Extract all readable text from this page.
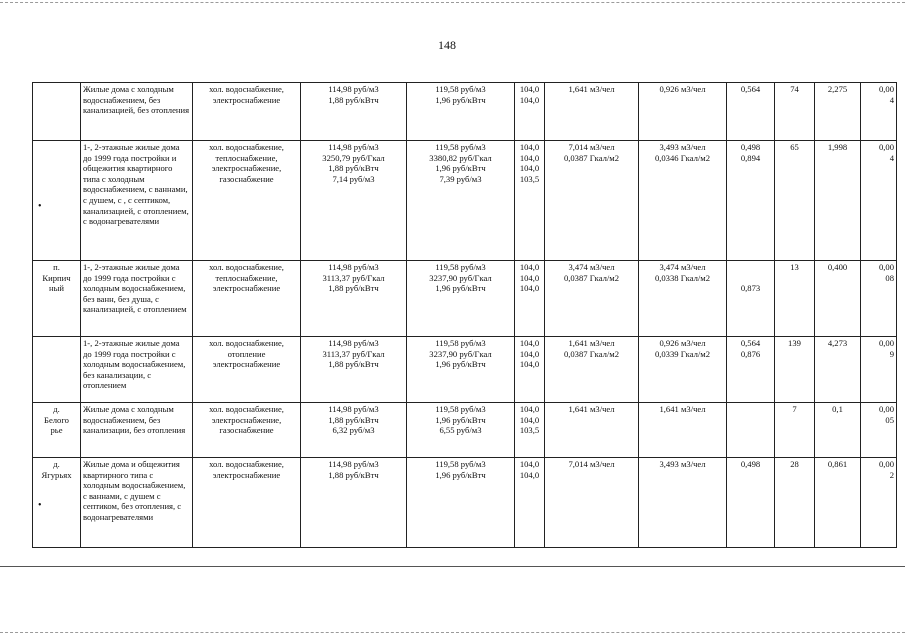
148
	Жилые дома с холодным водоснабжением, без канализацией, без отопления	хол. водоснабжение,
электроснабжение	114,98 руб/м3
1,88 руб/кВтч	119,58 руб/м3
1,96 руб/кВтч	104,0
104,0	1,641 м3/чел	0,926 м3/чел	0,564	74	2,275	0,00
4
	1-, 2-этажные жилые дома до 1999 года постройки и общежития квартирного типа с холодным водоснабжением, с ваннами, с душем, с , с септиком, канализацией, с отоплением, с водонагревателями	хол. водоснабжение,
теплоснабжение,
электроснабжение,
газоснабжение	114,98 руб/м3
3250,79 руб/Гкал
1,88 руб/кВтч
7,14 руб/м3	119,58 руб/м3
3380,82 руб/Гкал
1,96 руб/кВтч
7,39 руб/м3	104,0
104,0
104,0
103,5	7,014 м3/чел
0,0387 Гкал/м2	3,493 м3/чел
0,0346 Гкал/м2	0,498
0,894	65	1,998	0,00
4
п.
Кирпич
ный	1-, 2-этажные жилые дома до 1999 года постройки с холодным водоснабжением, без ванн, без душа, с канализацией, с отоплением	хол. водоснабжение,
теплоснабжение,
электроснабжение	114,98 руб/м3
3113,37 руб/Гкал
1,88 руб/кВтч	119,58 руб/м3
3237,90 руб/Гкал
1,96 руб/кВтч	104,0
104,0
104,0	3,474 м3/чел
0,0387 Гкал/м2	3,474 м3/чел
0,0338 Гкал/м2	

0,873	13	0,400	0,00
08
	1-, 2-этажные жилые дома до 1999 года постройки с холодным водоснабжением, без канализации, с отоплением	хол. водоснабжение,
отопление
электроснабжение	114,98 руб/м3
3113,37 руб/Гкал
1,88 руб/кВтч	119,58 руб/м3
3237,90 руб/Гкал
1,96 руб/кВтч	104,0
104,0
104,0	1,641 м3/чел
0,0387 Гкал/м2	0,926 м3/чел
0,0339 Гкал/м2	0,564
0,876	139	4,273	0,00
9
д.
Белого
рье	Жилые дома с холодным водоснабжением, без канализации, без отопления	хол. водоснабжение,
электроснабжение,
газоснабжение	114,98 руб/м3
1,88 руб/кВтч
6,32 руб/м3	119,58 руб/м3
1,96 руб/кВтч
6,55 руб/м3	104,0
104,0
103,5	1,641 м3/чел	1,641 м3/чел		7	0,1	0,00
05
д.
Ягурьях	Жилые дома и общежития квартирного типа с холодным водоснабжением, с ваннами, с душем с септиком, без отопления, с водонагревателями	хол. водоснабжение,
электроснабжение	114,98 руб/м3
1,88 руб/кВтч	119,58 руб/м3
1,96 руб/кВтч	104,0
104,0	7,014 м3/чел	3,493 м3/чел	0,498	28	0,861	0,00
2
•
•
